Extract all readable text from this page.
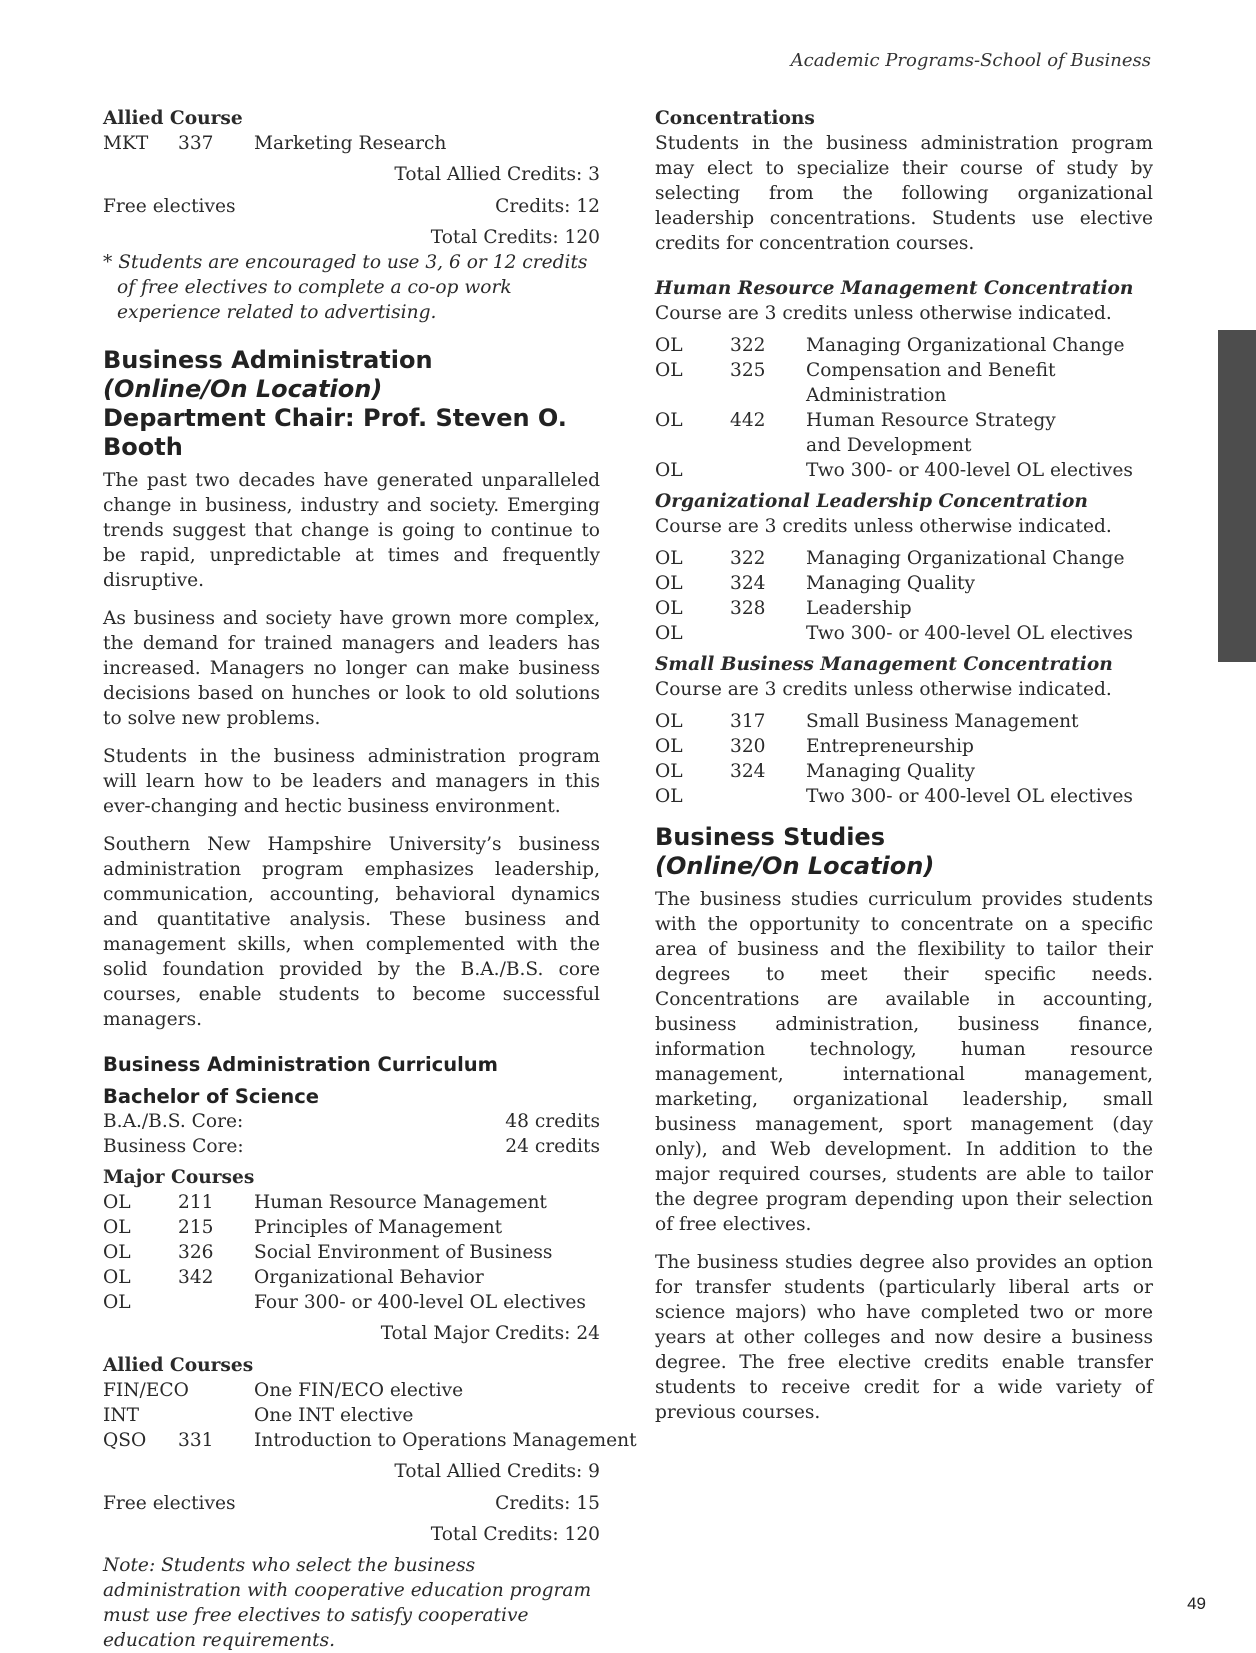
Academic Programs-School of Business
Allied Course
MKT	337	Marketing Research
Total Allied Credits: 3
Free electives	Credits: 12
Total Credits: 120
* Students are encouraged to use 3, 6 or 12 credits of free electives to complete a co-op work experience related to advertising.
Business Administration
(Online/On Location)
Department Chair: Prof. Steven O. Booth
The past two decades have generated unparalleled change in business, industry and society. Emerging trends suggest that change is going to continue to be rapid, unpredictable at times and frequently disruptive.
As business and society have grown more complex, the demand for trained managers and leaders has increased. Managers no longer can make business decisions based on hunches or look to old solutions to solve new problems.
Students in the business administration program will learn how to be leaders and managers in this ever-changing and hectic business environment.
Southern New Hampshire University’s business administration program emphasizes leadership, communication, accounting, behavioral dynamics and quantitative analysis. These business and management skills, when complemented with the solid foundation provided by the B.A./B.S. core courses, enable students to become successful managers.
Business Administration Curriculum
Bachelor of Science
B.A./B.S. Core:	48 credits
Business Core:	24 credits
Major Courses
OL	211	Human Resource Management
OL	215	Principles of Management
OL	326	Social Environment of Business
OL	342	Organizational Behavior
OL	Four 300- or 400-level OL electives
Total Major Credits: 24
Allied Courses
FIN/ECO	One FIN/ECO elective
INT	One INT elective
QSO	331	Introduction to Operations Management
Total Allied Credits: 9
Free electives	Credits: 15
Total Credits: 120
Note: Students who select the business administration with cooperative education program must use free electives to satisfy cooperative education requirements.
Concentrations
Students in the business administration program may elect to specialize their course of study by selecting from the following organizational leadership concentrations. Students use elective credits for concentration courses.
Human Resource Management Concentration
Course are 3 credits unless otherwise indicated.
OL	322	Managing Organizational Change
OL	325	Compensation and Benefit Administration
OL	442	Human Resource Strategy and Development
OL	Two 300- or 400-level OL electives
Organizational Leadership Concentration
Course are 3 credits unless otherwise indicated.
OL	322	Managing Organizational Change
OL	324	Managing Quality
OL	328	Leadership
OL	Two 300- or 400-level OL electives
Small Business Management Concentration
Course are 3 credits unless otherwise indicated.
OL	317	Small Business Management
OL	320	Entrepreneurship
OL	324	Managing Quality
OL	Two 300- or 400-level OL electives
Business Studies
(Online/On Location)
The business studies curriculum provides students with the opportunity to concentrate on a specific area of business and the flexibility to tailor their degrees to meet their specific needs. Concentrations are available in accounting, business administration, business finance, information technology, human resource management, international management, marketing, organizational leadership, small business management, sport management (day only), and Web development. In addition to the major required courses, students are able to tailor the degree program depending upon their selection of free electives.
The business studies degree also provides an option for transfer students (particularly liberal arts or science majors) who have completed two or more years at other colleges and now desire a business degree. The free elective credits enable transfer students to receive credit for a wide variety of previous courses.
49
